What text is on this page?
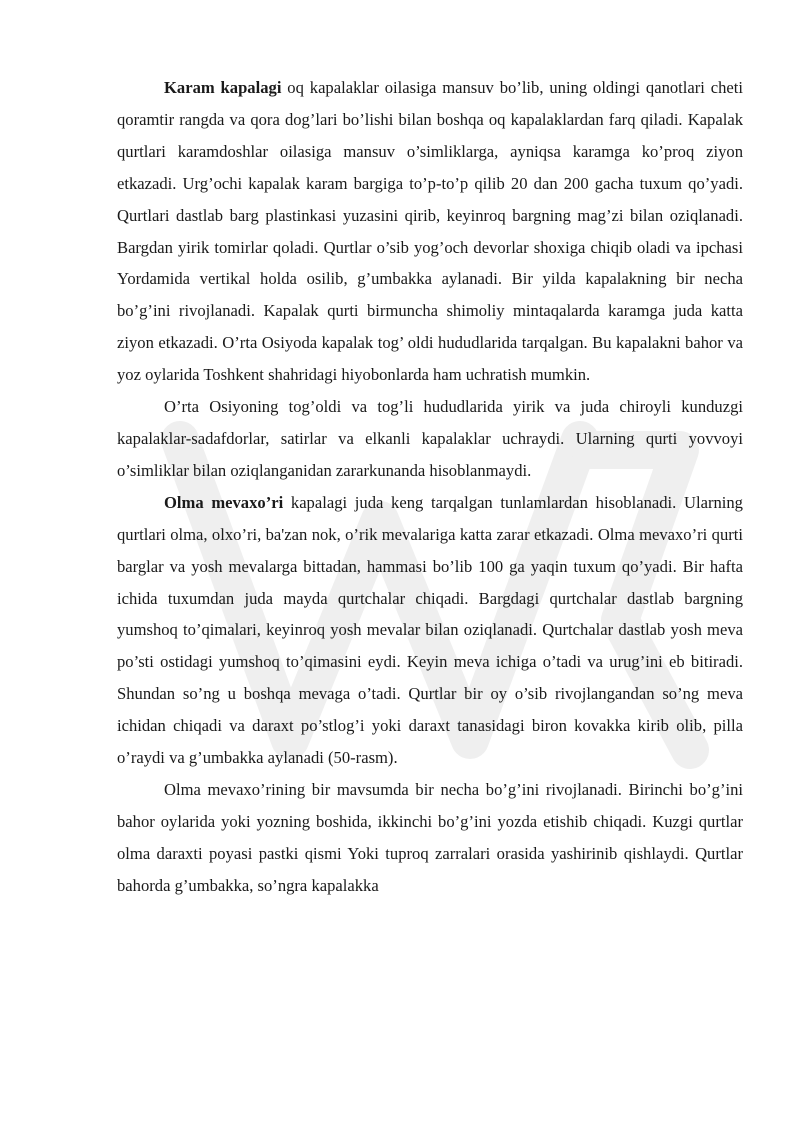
Karam kapalagi oq kapalaklar oilasiga mansuv bo’lib, uning oldingi qanotlari cheti qoramtir rangda va qora dog’lari bo’lishi bilan boshqa oq kapalaklardan farq qiladi. Kapalak qurtlari karamdoshlar oilasiga mansuv o’simliklarga, ayniqsa karamga ko’proq ziyon etkazadi. Urg’ochi kapalak karam bargiga to’p-to’p qilib 20 dan 200 gacha tuxum qo’yadi. Qurtlari dastlab barg plastinkasi yuzasini qirib, keyinroq bargning mag’zi bilan oziqlanadi. Bargdan yirik tomirlar qoladi. Qurtlar o’sib yog’och devorlar shoxiga chiqib oladi va ipchasi Yordamida vertikal holda osilib, g’umbakka aylanadi. Bir yilda kapalakning bir necha bo’g’ini rivojlanadi. Kapalak qurti birmuncha shimoliy mintaqalarda karamga juda katta ziyon etkazadi. O’rta Osiyoda kapalak tog’ oldi hududlarida tarqalgan. Bu kapalakni bahor va yoz oylarida Toshkent shahridagi hiyobonlarda ham uchratish mumkin.

O’rta Osiyoning tog’oldi va tog’li hududlarida yirik va juda chiroyli kunduzgi kapalaklar-sadafdorlar, satirlar va elkanli kapalaklar uchraydi. Ularning qurti yovvoyi o’simliklar bilan oziqlanganidan zararkunanda hisoblanmaydi.

Olma mevaxo’ri kapalagi juda keng tarqalgan tunlamlardan hisoblanadi. Ularning qurtlari olma, olxo’ri, ba'zan nok, o’rik mevalariga katta zarar etkazadi. Olma mevaxo’ri qurti barglar va yosh mevalarga bittadan, hammasi bo’lib 100 ga yaqin tuxum qo’yadi. Bir hafta ichida tuxumdan juda mayda qurtchalar chiqadi. Bargdagi qurtchalar dastlab bargning yumshoq to’qimalari, keyinroq yosh mevalar bilan oziqlanadi. Qurtchalar dastlab yosh meva po’sti ostidagi yumshoq to’qimasini eydi. Keyin meva ichiga o’tadi va urug’ini eb bitiradi. Shundan so’ng u boshqa mevaga o’tadi. Qurtlar bir oy o’sib rivojlangandan so’ng meva ichidan chiqadi va daraxt po’stlog’i yoki daraxt tanasidagi biron kovakka kirib olib, pilla o’raydi va g’umbakka aylanadi (50-rasm).

Olma mevaxo’rining bir mavsumda bir necha bo’g’ini rivojlanadi. Birinchi bo’g’ini bahor oylarida yoki yozning boshida, ikkinchi bo’g’ini yozda etishib chiqadi. Kuzgi qurtlar olma daraxti poyasi pastki qismi Yoki tuproq zarralari orasida yashirinib qishlaydi. Qurtlar bahorda g’umbakka, so’ngra kapalakka
